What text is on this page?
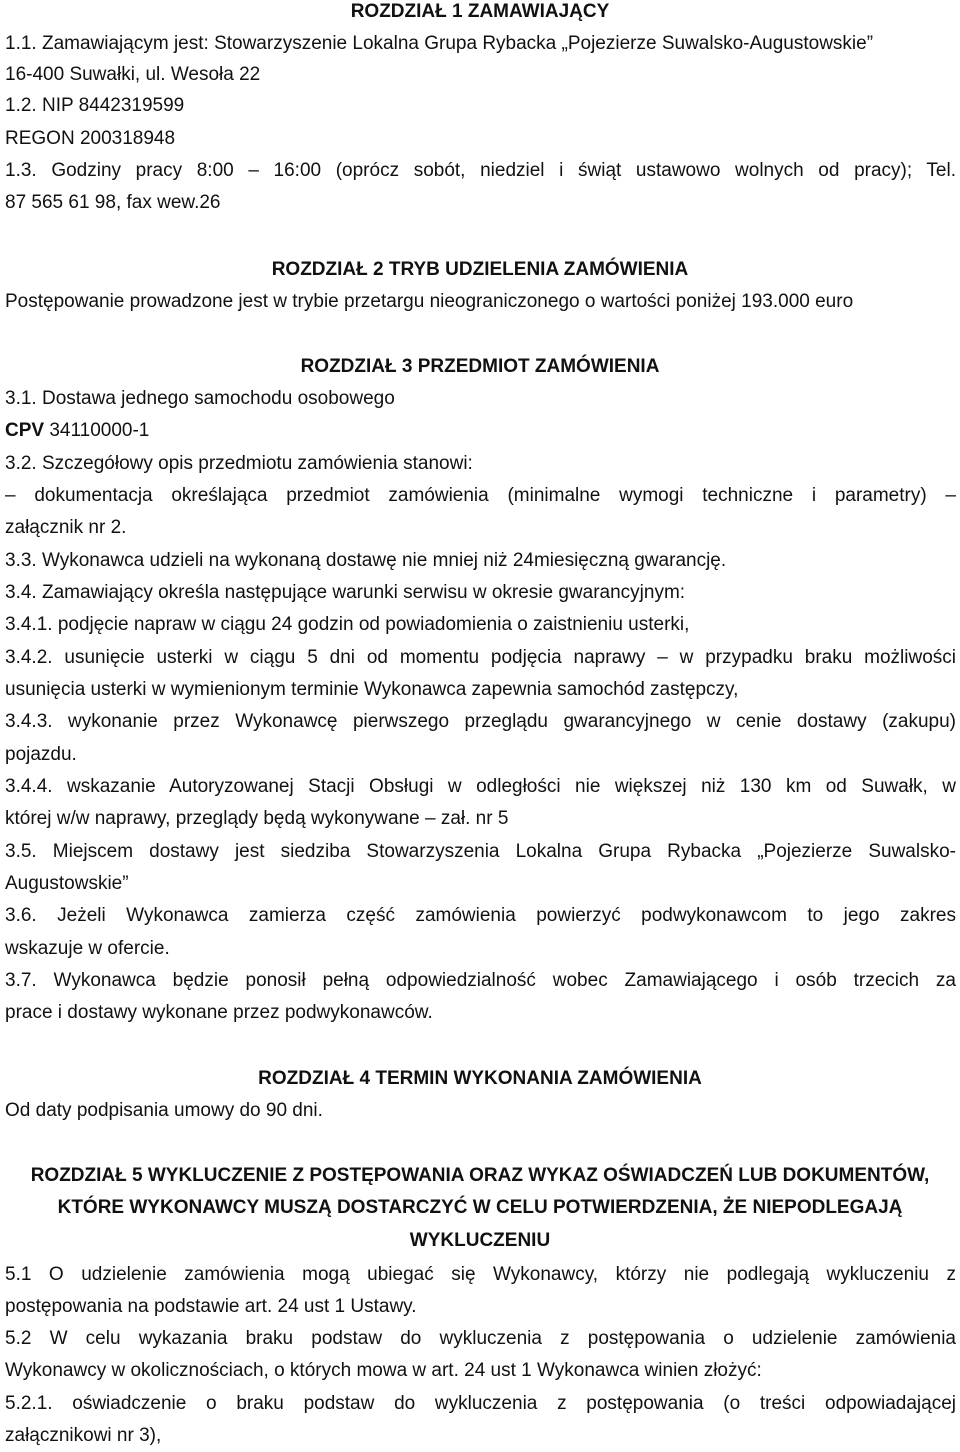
ROZDZIAŁ 1 ZAMAWIAJĄCY
1.1. Zamawiającym jest: Stowarzyszenie Lokalna Grupa Rybacka „Pojezierze Suwalsko-Augustowskie”
16-400 Suwałki, ul. Wesoła 22
1.2. NIP 8442319599
REGON 200318948
1.3. Godziny pracy 8:00 – 16:00 (oprócz sobót, niedziel i świąt ustawowo wolnych od pracy); Tel.
87 565 61 98, fax wew.26
ROZDZIAŁ 2 TRYB UDZIELENIA ZAMÓWIENIA
Postępowanie prowadzone jest w trybie przetargu nieograniczonego o wartości poniżej 193.000 euro
ROZDZIAŁ 3 PRZEDMIOT ZAMÓWIENIA
3.1. Dostawa jednego samochodu osobowego
CPV 34110000-1
3.2. Szczegółowy opis przedmiotu zamówienia stanowi:
– dokumentacja określająca przedmiot zamówienia (minimalne wymogi techniczne i parametry) –
załącznik nr 2.
3.3. Wykonawca udzieli na wykonaną dostawę nie mniej niż 24miesięczną gwarancję.
3.4. Zamawiający określa następujące warunki serwisu w okresie gwarancyjnym:
3.4.1. podjęcie napraw w ciągu 24 godzin od powiadomienia o zaistnieniu usterki,
3.4.2. usunięcie usterki w ciągu 5 dni od momentu podjęcia naprawy – w przypadku braku możliwości
usunięcia usterki w wymienionym terminie Wykonawca zapewnia samochód zastępczy,
3.4.3. wykonanie przez Wykonawcę pierwszego przeglądu gwarancyjnego w cenie dostawy (zakupu)
pojazdu.
3.4.4. wskazanie Autoryzowanej Stacji Obsługi w odległości nie większej niż 130 km od Suwałk, w
której w/w naprawy, przeglądy będą wykonywane – zał. nr 5
3.5. Miejscem dostawy jest siedziba Stowarzyszenia Lokalna Grupa Rybacka „Pojezierze Suwalsko-
Augustowskie”
3.6. Jeżeli Wykonawca zamierza część zamówienia powierzyć podwykonawcom to jego zakres
wskazuje w ofercie.
3.7. Wykonawca będzie ponosił pełną odpowiedzialność wobec Zamawiającego i osób trzecich za
prace i dostawy wykonane przez podwykonawców.
ROZDZIAŁ 4 TERMIN WYKONANIA ZAMÓWIENIA
Od daty podpisania umowy do 90 dni.
ROZDZIAŁ 5 WYKLUCZENIE Z POSTĘPOWANIA ORAZ WYKAZ OŚWIADCZEŃ LUB DOKUMENTÓW,
KTÓRE WYKONAWCY MUSZĄ DOSTARCZYĆ W CELU POTWIERDZENIA, ŻE NIEPODLEGAJĄ
WYKLUCZENIU
5.1 O udzielenie zamówienia mogą ubiegać się Wykonawcy, którzy nie podlegają wykluczeniu z
postępowania na podstawie art. 24 ust 1 Ustawy.
5.2 W celu wykazania braku podstaw do wykluczenia z postępowania o udzielenie zamówienia
Wykonawcy w okolicznościach, o których mowa w art. 24 ust 1 Wykonawca winien złożyć:
5.2.1. oświadczenie o braku podstaw do wykluczenia z postępowania (o treści odpowiadającej
załącznikowi nr 3),
